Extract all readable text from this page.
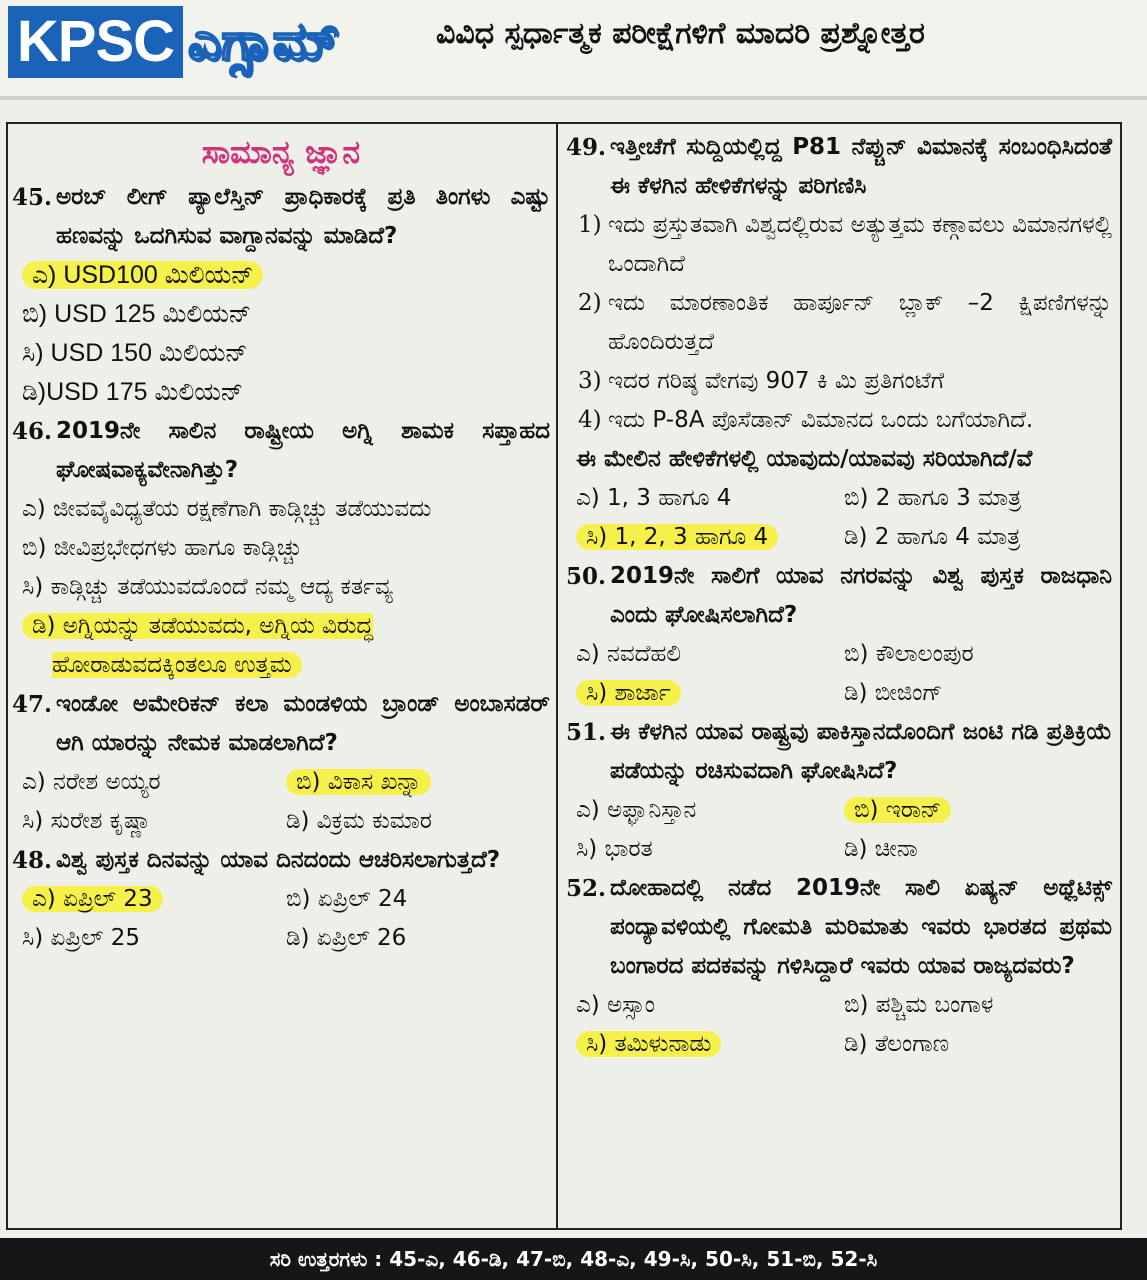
KPSC ಎಗ್ಸಾಮ್	ವಿವಿಧ ಸ್ಪರ್ಧಾತ್ಮಕ ಪರೀಕ್ಷೆಗಳಿಗೆ ಮಾದರಿ ಪ್ರಶ್ನೋತ್ತರ
ಸಾಮಾನ್ಯ ಜ್ಞಾನ
45. ಅರಬ್ ಲೀಗ್ ಪ್ಯಾಲೆಸ್ತಿನ್ ಪ್ರಾಧಿಕಾರಕ್ಕೆ ಪ್ರತಿ ತಿಂಗಳು ಎಷ್ಟು ಹಣವನ್ನು ಒದಗಿಸುವ ವಾಗ್ದಾನವನ್ನು ಮಾಡಿದೆ?
ಎ) USD100 ಮಿಲಿಯನ್
ಬಿ) USD 125 ಮಿಲಿಯನ್
ಸಿ) USD 150 ಮಿಲಿಯನ್
ಡಿ)USD 175 ಮಿಲಿಯನ್
46. 2019ನೇ ಸಾಲಿನ ರಾಷ್ಟ್ರೀಯ ಅಗ್ನಿ ಶಾಮಕ ಸಪ್ತಾಹದ ಘೋಷವಾಕ್ಯವೇನಾಗಿತ್ತು?
ಎ) ಜೀವವೈವಿಧ್ಯತೆಯ ರಕ್ಷಣೆಗಾಗಿ ಕಾಡ್ಗಿಚ್ಚು ತಡೆಯುವದು
ಬಿ) ಜೀವಿಪ್ರಭೇಧಗಳು ಹಾಗೂ ಕಾಡ್ಗಿಚ್ಚು
ಸಿ) ಕಾಡ್ಗಿಚ್ಚು ತಡೆಯುವದೊಂದೆ ನಮ್ಮ ಆದ್ಯ ಕರ್ತವ್ಯ
ಡಿ) ಅಗ್ನಿಯನ್ನು ತಡೆಯುವದು, ಅಗ್ನಿಯ ವಿರುದ್ಧ ಹೋರಾಡುವದಕ್ಕಿಂತಲೂ ಉತ್ತಮ
47. ಇಂಡೋ ಅಮೇರಿಕನ್ ಕಲಾ ಮಂಡಳಿಯ ಬ್ರಾಂಡ್ ಅಂಬಾಸಡರ್ ಆಗಿ ಯಾರನ್ನು ನೇಮಕ ಮಾಡಲಾಗಿದೆ?
ಎ) ನರೇಶ ಅಯ್ಯರ	ಬಿ) ವಿಕಾಸ ಖನ್ನಾ
ಸಿ) ಸುರೇಶ ಕೃಷ್ಣಾ	ಡಿ) ವಿಕ್ರಮ ಕುಮಾರ
48. ವಿಶ್ವ ಪುಸ್ತಕ ದಿನವನ್ನು ಯಾವ ದಿನದಂದು ಆಚರಿಸಲಾಗುತ್ತದೆ?
ಎ) ಏಪ್ರಿಲ್ 23	ಬಿ) ಏಪ್ರಿಲ್ 24
ಸಿ) ಏಪ್ರಿಲ್ 25	ಡಿ) ಏಪ್ರಿಲ್ 26
49. ಇತ್ತೀಚೆಗೆ ಸುದ್ದಿಯಲ್ಲಿದ್ದ P81 ನೆಪ್ಚುನ್ ವಿಮಾನಕ್ಕೆ ಸಂಬಂಧಿಸಿದಂತೆ ಈ ಕೆಳಗಿನ ಹೇಳಿಕೆಗಳನ್ನು ಪರಿಗಣಿಸಿ
1) ಇದು ಪ್ರಸ್ತುತವಾಗಿ ವಿಶ್ವದಲ್ಲಿರುವ ಅತ್ಯುತ್ತಮ ಕಣ್ಗಾವಲು ವಿಮಾನಗಳಲ್ಲಿ ಒಂದಾಗಿದೆ
2) ಇದು ಮಾರಣಾಂತಿಕ ಹಾರ್ಪೂನ್ ಬ್ಲಾಕ್ –2 ಕ್ಷಿಪಣಿಗಳನ್ನು ಹೊಂದಿರುತ್ತದೆ
3) ಇದರ ಗರಿಷ್ಠ ವೇಗವು 907 ಕಿ ಮಿ ಪ್ರತಿಗಂಟೆಗೆ
4) ಇದು P-8A ಪೊಸೆಡಾನ್ ವಿಮಾನದ ಒಂದು ಬಗೆಯಾಗಿದೆ.
ಈ ಮೇಲಿನ ಹೇಳಿಕೆಗಳಲ್ಲಿ ಯಾವುದು/ಯಾವವು ಸರಿಯಾಗಿದೆ/ವೆ
ಎ) 1, 3 ಹಾಗೂ 4	ಬಿ) 2 ಹಾಗೂ 3 ಮಾತ್ರ
ಸಿ) 1, 2, 3 ಹಾಗೂ 4	ಡಿ) 2 ಹಾಗೂ 4 ಮಾತ್ರ
50. 2019ನೇ ಸಾಲಿಗೆ ಯಾವ ನಗರವನ್ನು ವಿಶ್ವ ಪುಸ್ತಕ ರಾಜಧಾನಿ ಎಂದು ಘೋಷಿಸಲಾಗಿದೆ?
ಎ) ನವದೆಹಲಿ	ಬಿ) ಕೌಲಾಲಂಪುರ
ಸಿ) ಶಾರ್ಜಾ	ಡಿ) ಬೀಜಿಂಗ್
51. ಈ ಕೆಳಗಿನ ಯಾವ ರಾಷ್ಟ್ರವು ಪಾಕಿಸ್ತಾನದೊಂದಿಗೆ ಜಂಟಿ ಗಡಿ ಪ್ರತಿಕ್ರಿಯೆ ಪಡೆಯನ್ನು ರಚಿಸುವದಾಗಿ ಘೋಷಿಸಿದೆ?
ಎ) ಅಫ್ಘಾನಿಸ್ತಾನ	ಬಿ) ಇರಾನ್
ಸಿ) ಭಾರತ	ಡಿ) ಚೀನಾ
52. ದೋಹಾದಲ್ಲಿ ನಡೆದ 2019ನೇ ಸಾಲಿ ಏಷ್ಯನ್ ಅಥ್ಲೆಟಿಕ್ಸ್ ಪಂದ್ಯಾವಳಿಯಲ್ಲಿ ಗೋಮತಿ ಮರಿಮಾತು ಇವರು ಭಾರತದ ಪ್ರಥಮ ಬಂಗಾರದ ಪದಕವನ್ನು ಗಳಿಸಿದ್ದಾರೆ ಇವರು ಯಾವ ರಾಜ್ಯದವರು?
ಎ) ಅಸ್ಸಾಂ	ಬಿ) ಪಶ್ಚಿಮ ಬಂಗಾಳ
ಸಿ) ತಮಿಳುನಾಡು	ಡಿ) ತೆಲಂಗಾಣ
ಸರಿ ಉತ್ತರಗಳು : 45-ಎ, 46-ಡಿ, 47-ಬಿ, 48-ಎ, 49-ಸಿ, 50-ಸಿ, 51-ಬಿ, 52-ಸಿ
